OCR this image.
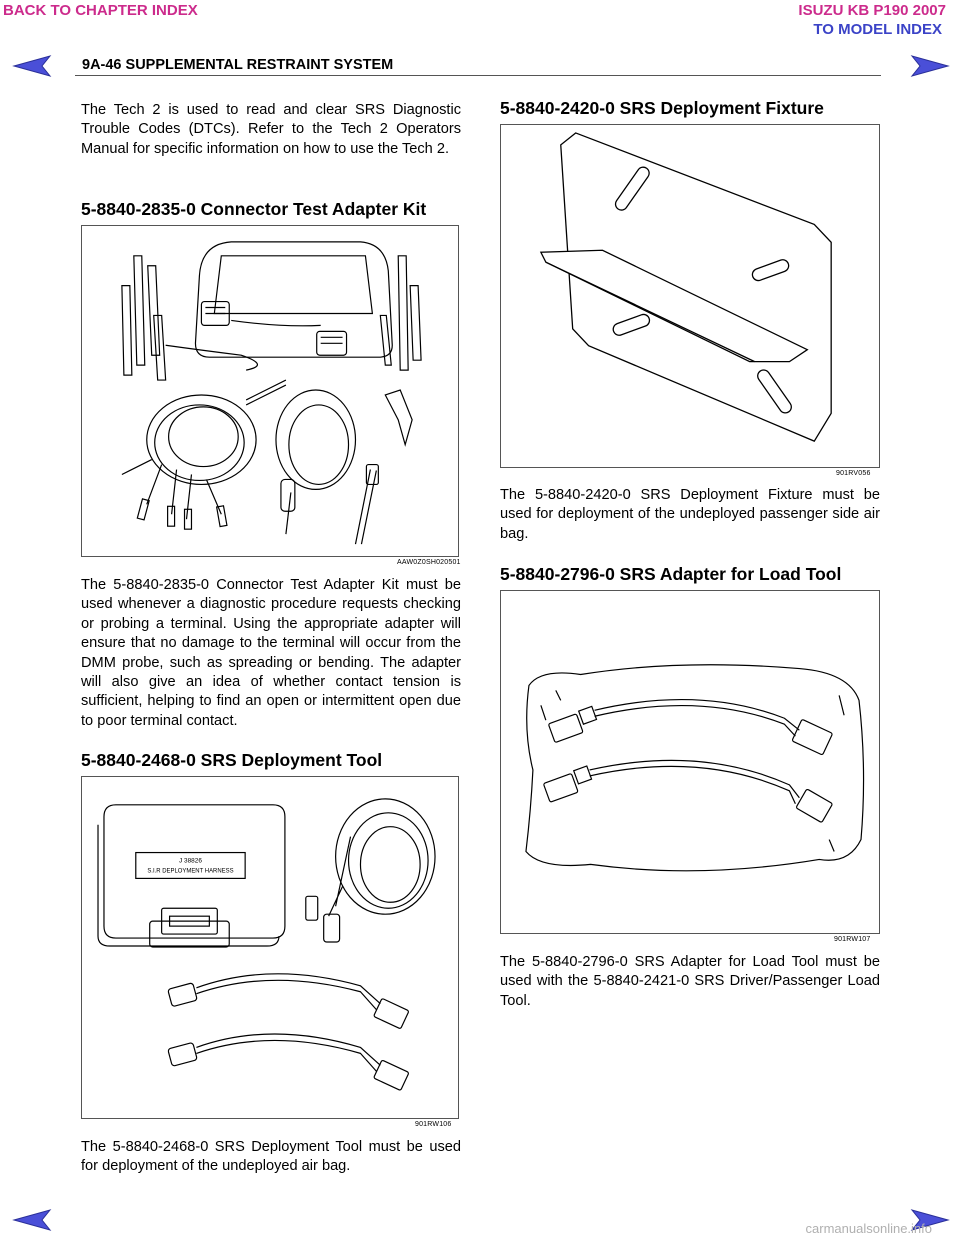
BACK TO CHAPTER INDEX	ISUZU KB P190 2007
TO MODEL INDEX
9A-46 SUPPLEMENTAL RESTRAINT SYSTEM

The Tech 2 is used to read and clear SRS Diagnostic Trouble Codes (DTCs). Refer to the Tech 2 Operators Manual for specific information on how to use the Tech 2.

5-8840-2835-0 Connector Test Adapter Kit
AAW0Z0SH020501

The 5-8840-2835-0 Connector Test Adapter Kit must be used whenever a diagnostic procedure requests checking or probing a terminal. Using the appropriate adapter will ensure that no damage to the terminal will occur from the DMM probe, such as spreading or bending. The adapter will also give an idea of whether contact tension is sufficient, helping to find an open or intermittent open due to poor terminal contact.

5-8840-2468-0 SRS Deployment Tool
J 38826
S.I.R DEPLOYMENT HARNESS
901RW106

The 5-8840-2468-0 SRS Deployment Tool must be used for deployment of the undeployed air bag.

5-8840-2420-0 SRS Deployment Fixture
901RV056

The 5-8840-2420-0 SRS Deployment Fixture must be used for deployment of the undeployed passenger side air bag.

5-8840-2796-0 SRS Adapter for Load Tool
901RW107

The 5-8840-2796-0 SRS Adapter for Load Tool must be used with the 5-8840-2421-0 SRS Driver/Passenger Load Tool.

carmanualsonline.info
